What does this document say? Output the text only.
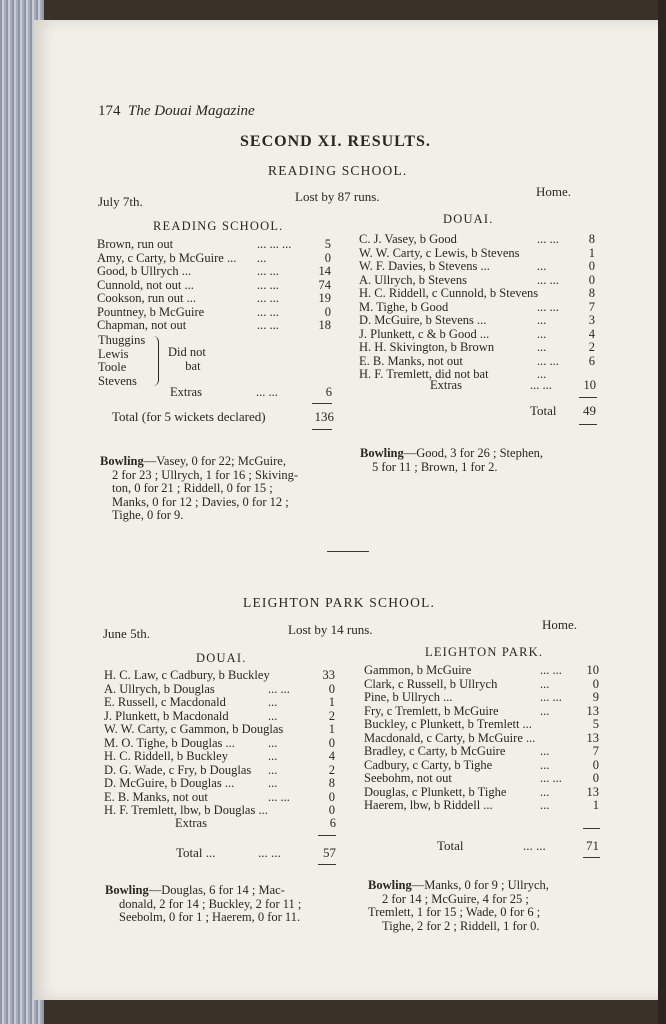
174 The Douai Magazine
SECOND XI. RESULTS.
READING SCHOOL.
July 7th.	Lost by 87 runs.	Home.
READING SCHOOL.	DOUAI.
Brown, run out	... ... ...	5
Amy, c Carty, b McGuire ... ...	0
Good, b Ullrych ...	... ...	14
Cunnold, not out ...	... ...	74
Cookson, run out ...	... ...	19
Pountney, b McGuire	... ...	0
Chapman, not out	... ...	18
C. J. Vasey, b Good	... ... 8
W. W. Carty, c Lewis, b Stevens	1
W. F. Davies, b Stevens ...	...	0
A. Ullrych, b Stevens	... ... 0
H. C. Riddell, c Cunnold, b Stevens	8
M. Tighe, b Good	... ... 7
D. McGuire, b Stevens ...	...	3
J. Plunkett, c & b Good ...	...	4
H. H. Skivington, b Brown	...	2
E. B. Manks, not out	... ... 6
H. F. Tremlett, did not bat	...
Thuggins
Lewis
Toole
Stevens
Did not
bat
Extras	... ...	6
Total (for 5 wickets declared)	136
Extras	... ...	10
Total 49
Bowling—Vasey, 0 for 22; McGuire,
2 for 23 ; Ullrych, 1 for 16 ; Skiving-
ton, 0 for 21 ; Riddell, 0 for 15 ;
Manks, 0 for 12 ; Davies, 0 for 12 ;
Tighe, 0 for 9.
Bowling—Good, 3 for 26 ; Stephen,
5 for 11 ; Brown, 1 for 2.
LEIGHTON PARK SCHOOL.
June 5th.	Lost by 14 runs.	Home.
DOUAI.	LEIGHTON PARK.
H. C. Law, c Cadbury, b Buckley	33
A. Ullrych, b Douglas	... ...	0
E. Russell, c Macdonald	...	1
J. Plunkett, b Macdonald	...	2
W. W. Carty, c Gammon, b Douglas	1
M. O. Tighe, b Douglas ...	...	0
H. C. Riddell, b Buckley	...	4
D. G. Wade, c Fry, b Douglas ...	2
D. McGuire, b Douglas ...	...	8
E. B. Manks, not out	... ...	0
H. F. Tremlett, lbw, b Douglas ...	0
Gammon, b McGuire	... ... 10
Clark, c Russell, b Ullrych	...	0
Pine, b Ullrych ...	... ... 9
Fry, c Tremlett, b McGuire	...	13
Buckley, c Plunkett, b Tremlett ...	5
Macdonald, c Carty, b McGuire ...	13
Bradley, c Carty, b McGuire	...	7
Cadbury, c Carty, b Tighe	...	0
Seebohm, not out	... ... 0
Douglas, c Plunkett, b Tighe	...	13
Haerem, lbw, b Riddell ...	...	1
Extras	6
Total ...	... ...	57	Total	... ...	71
Bowling—Douglas, 6 for 14 ; Mac-
donald, 2 for 14 ; Buckley, 2 for 11 ;
Seebolm, 0 for 1 ; Haerem, 0 for 11.
Bowling—Manks, 0 for 9 ; Ullrych,
2 for 14 ; McGuire, 4 for 25 ;
Tremlett, 1 for 15 ; Wade, 0 for 6 ;
Tighe, 2 for 2 ; Riddell, 1 for 0.
